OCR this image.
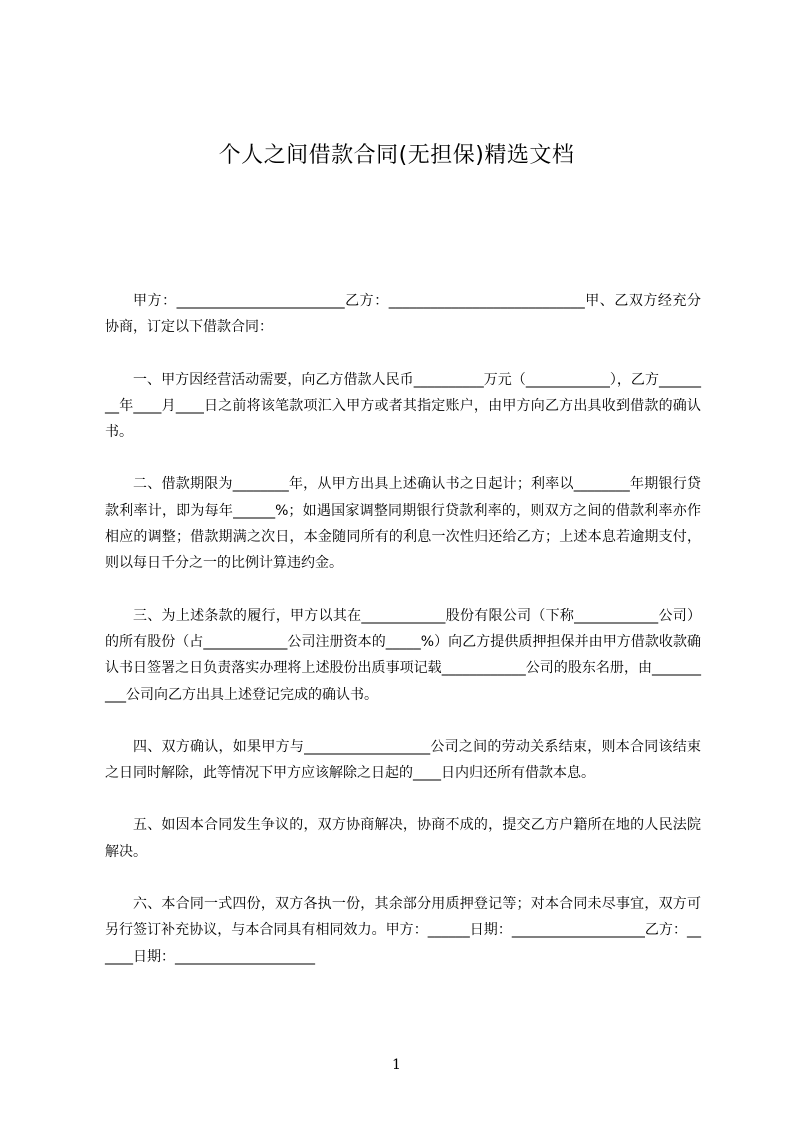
个人之间借款合同(无担保)精选文档

甲方：________________________乙方：____________________________甲、乙双方经充分协商，订定以下借款合同：

一、甲方因经营活动需要，向乙方借款人民币__________万元（____________），乙方________年____月____日之前将该笔款项汇入甲方或者其指定账户，由甲方向乙方出具收到借款的确认书。

二、借款期限为________年，从甲方出具上述确认书之日起计；利率以________年期银行贷款利率计，即为每年______%；如遇国家调整同期银行贷款利率的，则双方之间的借款利率亦作相应的调整；借款期满之次日，本金随同所有的利息一次性归还给乙方；上述本息若逾期支付，则以每日千分之一的比例计算违约金。

三、为上述条款的履行，甲方以其在____________股份有限公司（下称____________公司）的所有股份（占____________公司注册资本的_____%）向乙方提供质押担保并由甲方借款收款确认书日签署之日负责落实办理将上述股份出质事项记载____________公司的股东名册，由__________公司向乙方出具上述登记完成的确认书。

四、双方确认，如果甲方与__________________公司之间的劳动关系结束，则本合同该结束之日同时解除，此等情况下甲方应该解除之日起的____日内归还所有借款本息。

五、如因本合同发生争议的，双方协商解决，协商不成的，提交乙方户籍所在地的人民法院解决。

六、本合同一式四份，双方各执一份，其余部分用质押登记等；对本合同未尽事宜，双方可另行签订补充协议，与本合同具有相同效力。甲方：______日期：___________________乙方：______日期：____________________

1
